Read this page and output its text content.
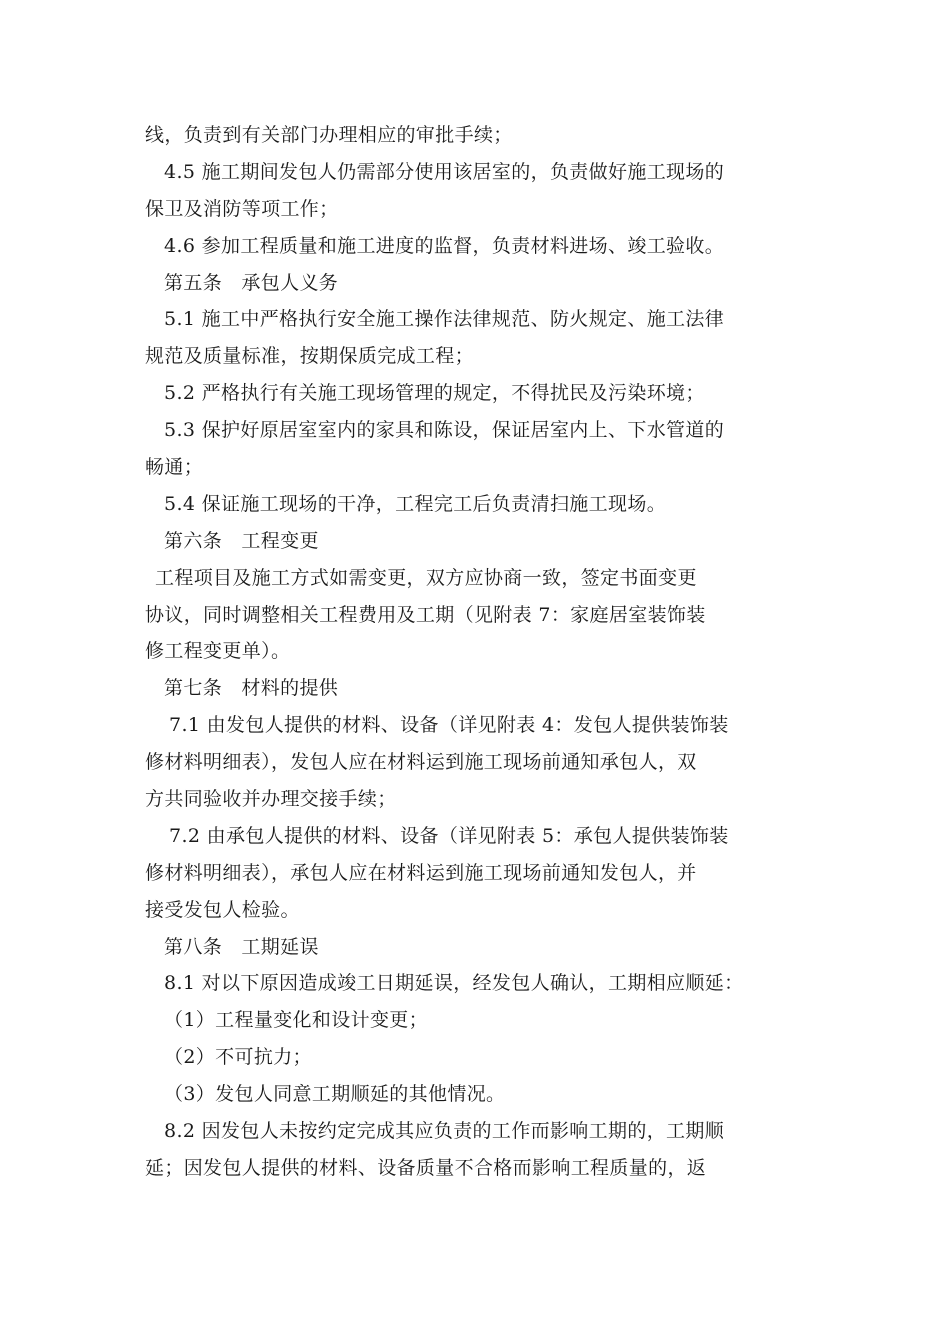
线，负责到有关部门办理相应的审批手续；
4.5 施工期间发包人仍需部分使用该居室的，负责做好施工现场的
保卫及消防等项工作；
4.6 参加工程质量和施工进度的监督，负责材料进场、竣工验收。
第五条　承包人义务
5.1 施工中严格执行安全施工操作法律规范、防火规定、施工法律
规范及质量标准，按期保质完成工程；
5.2 严格执行有关施工现场管理的规定，不得扰民及污染环境；
5.3 保护好原居室室内的家具和陈设，保证居室内上、下水管道的
畅通；
5.4 保证施工现场的干净，工程完工后负责清扫施工现场。
第六条　工程变更
工程项目及施工方式如需变更，双方应协商一致，签定书面变更
协议，同时调整相关工程费用及工期（见附表 7：家庭居室装饰装
修工程变更单）。
第七条　材料的提供
7.1 由发包人提供的材料、设备（详见附表 4：发包人提供装饰装
修材料明细表），发包人应在材料运到施工现场前通知承包人，双
方共同验收并办理交接手续；
7.2 由承包人提供的材料、设备（详见附表 5：承包人提供装饰装
修材料明细表），承包人应在材料运到施工现场前通知发包人，并
接受发包人检验。
第八条　工期延误
8.1 对以下原因造成竣工日期延误，经发包人确认，工期相应顺延：
（1）工程量变化和设计变更；
（2）不可抗力；
（3）发包人同意工期顺延的其他情况。
8.2 因发包人未按约定完成其应负责的工作而影响工期的，工期顺
延；因发包人提供的材料、设备质量不合格而影响工程质量的，返
